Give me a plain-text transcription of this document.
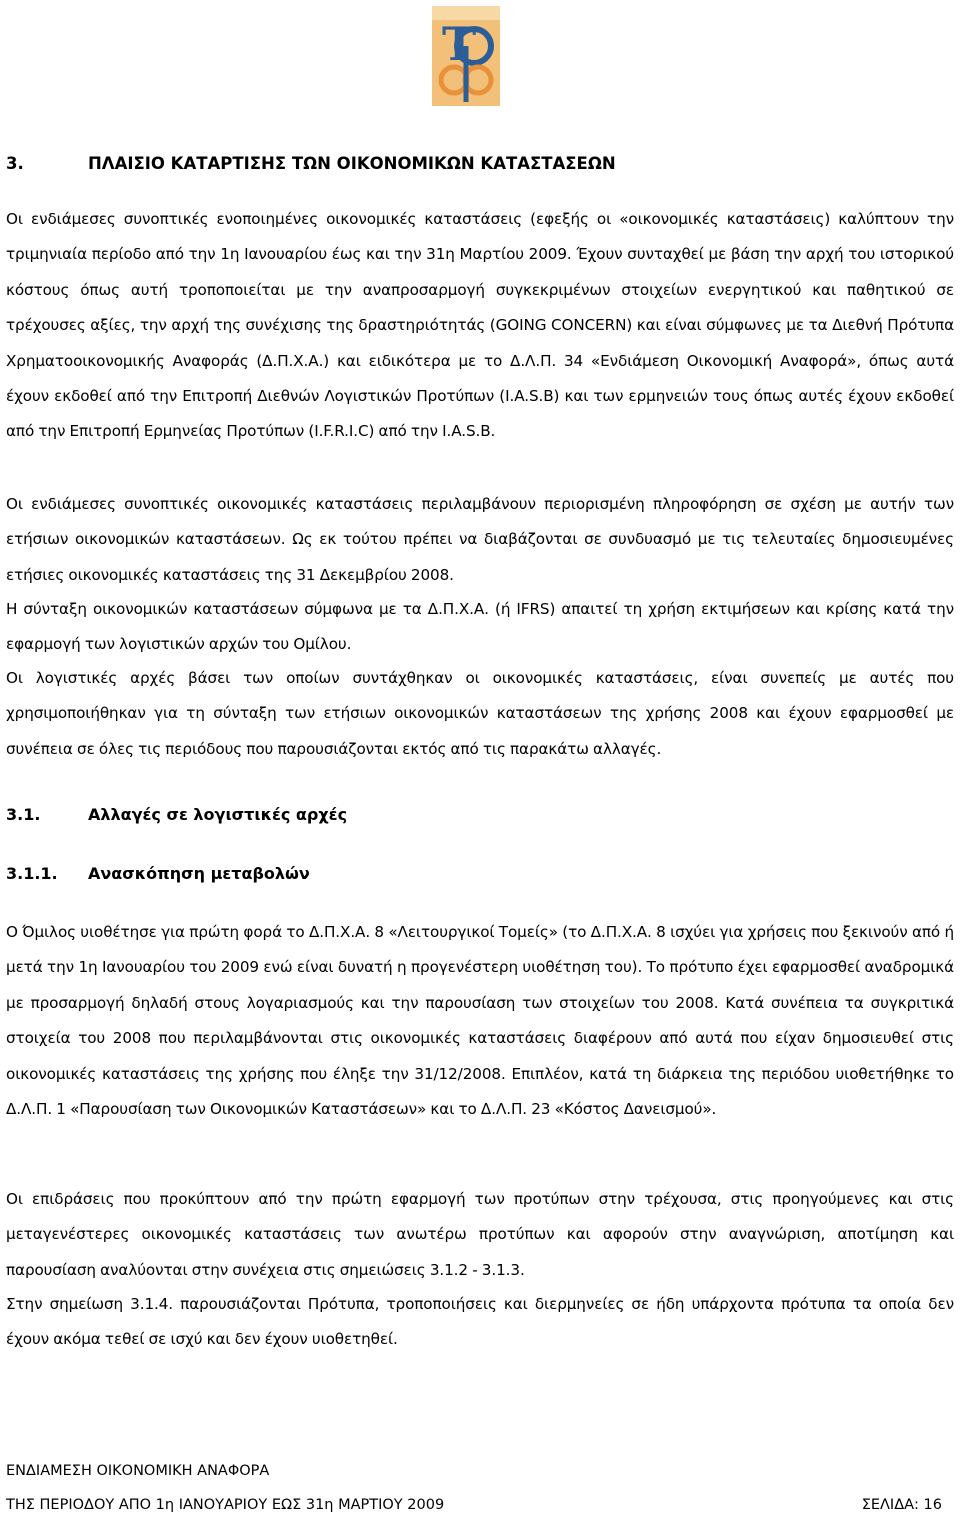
T
3.	ΠΛΑΙΣΙΟ ΚΑΤΑΡΤΙΣΗΣ ΤΩΝ ΟΙΚΟΝΟΜΙΚΩΝ ΚΑΤΑΣΤΑΣΕΩΝ

Οι ενδιάμεσες συνοπτικές ενοποιημένες οικονομικές καταστάσεις (εφεξής οι «οικονομικές καταστάσεις) καλύπτουν την τριμηνιαία περίοδο από την 1η Ιανουαρίου έως και την 31η Μαρτίου 2009. Έχουν συνταχθεί με βάση την αρχή του ιστορικού κόστους όπως αυτή τροποποιείται με την αναπροσαρμογή συγκεκριμένων στοιχείων ενεργητικού και παθητικού σε τρέχουσες αξίες, την αρχή της συνέχισης της δραστηριότητάς (GOING CONCERN) και είναι σύμφωνες με τα Διεθνή Πρότυπα Χρηματοοικονομικής Αναφοράς (Δ.Π.Χ.Α.) και ειδικότερα με το Δ.Λ.Π. 34 «Ενδιάμεση Οικονομική Αναφορά», όπως αυτά έχουν εκδοθεί από την Επιτροπή Διεθνών Λογιστικών Προτύπων (I.A.S.B) και των ερμηνειών τους όπως αυτές έχουν εκδοθεί από την Επιτροπή Ερμηνείας Προτύπων (I.F.R.I.C) από την I.A.S.B.

Οι ενδιάμεσες συνοπτικές οικονομικές καταστάσεις περιλαμβάνουν περιορισμένη πληροφόρηση σε σχέση με αυτήν των ετήσιων οικονομικών καταστάσεων. Ως εκ τούτου πρέπει να διαβάζονται σε συνδυασμό με τις τελευταίες δημοσιευμένες ετήσιες οικονομικές καταστάσεις της 31 Δεκεμβρίου 2008.

Η σύνταξη οικονομικών καταστάσεων σύμφωνα με τα Δ.Π.Χ.Α. (ή IFRS) απαιτεί τη χρήση εκτιμήσεων και κρίσης κατά την εφαρμογή των λογιστικών αρχών του Ομίλου.

Οι λογιστικές αρχές βάσει των οποίων συντάχθηκαν οι οικονομικές καταστάσεις, είναι συνεπείς με αυτές που χρησιμοποιήθηκαν για τη σύνταξη των ετήσιων οικονομικών καταστάσεων της χρήσης 2008 και έχουν εφαρμοσθεί με συνέπεια σε όλες τις περιόδους που παρουσιάζονται εκτός από τις παρακάτω αλλαγές.

3.1.	Αλλαγές σε λογιστικές αρχές
3.1.1. Ανασκόπηση μεταβολών

Ο Όμιλος υιοθέτησε για πρώτη φορά το Δ.Π.Χ.Α. 8 «Λειτουργικοί Τομείς» (το Δ.Π.Χ.Α. 8 ισχύει για χρήσεις που ξεκινούν από ή μετά την 1η Ιανουαρίου του 2009 ενώ είναι δυνατή η προγενέστερη υιοθέτηση του). Το πρότυπο έχει εφαρμοσθεί αναδρομικά με προσαρμογή δηλαδή στους λογαριασμούς και την παρουσίαση των στοιχείων του 2008. Κατά συνέπεια τα συγκριτικά στοιχεία του 2008 που περιλαμβάνονται στις οικονομικές καταστάσεις διαφέρουν από αυτά που είχαν δημοσιευθεί στις οικονομικές καταστάσεις της χρήσης που έληξε την 31/12/2008. Επιπλέον, κατά τη διάρκεια της περιόδου υιοθετήθηκε το Δ.Λ.Π. 1 «Παρουσίαση των Οικονομικών Καταστάσεων» και το Δ.Λ.Π. 23 «Κόστος Δανεισμού».

Οι επιδράσεις που προκύπτουν από την πρώτη εφαρμογή των προτύπων στην τρέχουσα, στις προηγούμενες και στις μεταγενέστερες οικονομικές καταστάσεις των ανωτέρω προτύπων και αφορούν στην αναγνώριση, αποτίμηση και παρουσίαση αναλύονται στην συνέχεια στις σημειώσεις 3.1.2 - 3.1.3.

Στην σημείωση 3.1.4. παρουσιάζονται Πρότυπα, τροποποιήσεις και διερμηνείες σε ήδη υπάρχοντα πρότυπα τα οποία δεν έχουν ακόμα τεθεί σε ισχύ και δεν έχουν υιοθετηθεί.

ΕΝΔΙΑΜΕΣΗ ΟΙΚΟΝΟΜΙΚΗ ΑΝΑΦΟΡΑ
ΤΗΣ ΠΕΡΙΟΔΟΥ ΑΠΟ 1η ΙΑΝΟΥΑΡΙΟΥ ΕΩΣ 31η ΜΑΡΤΙΟΥ 2009	ΣΕΛΙΔΑ: 16
